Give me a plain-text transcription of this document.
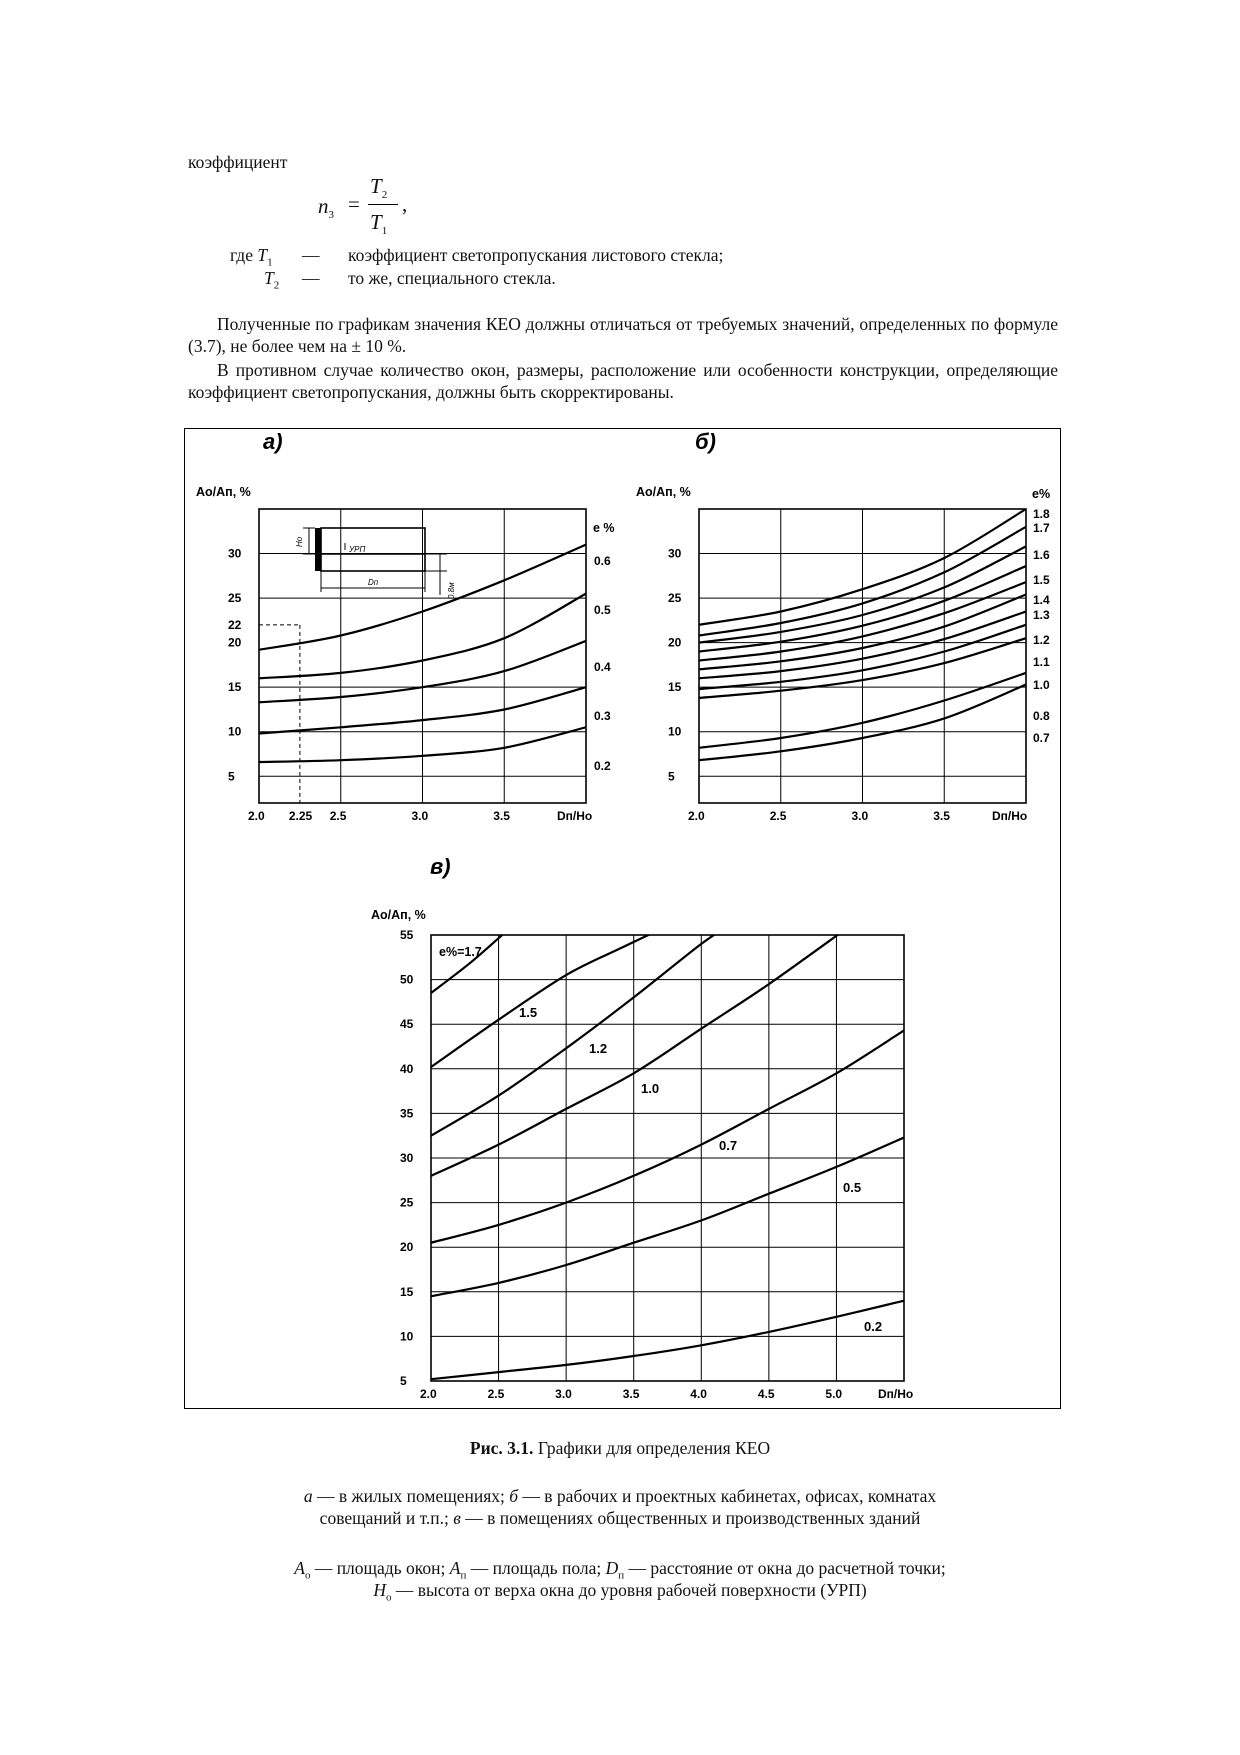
коэффициент
$n_3$ =
$T_2$
$T_1$
,
где $T_1$ — коэффициент светопропускания листового стекла;
$T_2$ — то же, специального стекла.
Полученные по графикам значения КЕО должны отличаться от требуемых значений, определенных по формуле (3.7), не более чем на ± 10 %.
В противном случае количество окон, размеры, расположение или особенности конструкции, определяющие коэффициент светопропускания, должны быть скорректированы.
а)	б)
в)
Ао/Ап, %
е %
Ао/Ап, %	е%
Ао/Ап, %
0.6
0.5
0.4
0.3
0.2
30
25
22
20
15
10
5
2.0 2.25 2.5	3.0	3.5	Dп/Но
1.8
1.7
1.6
1.5
1.4
1.3
1.2
1.1
1.0
0.8
0.7
30
25
20
15
10
5
2.0	2.5	3.0	3.5	Dп/Но
1.5
1.2
1.0
0.7
0.5
0.2
55
50
45
40
35
30
25
20
15
10
5
2.0	2.5	3.0	3.5	4.0	4.5	5.0	Dп/Но
е%=1.7
Но
УРП
Dп	0.8м
Рис. 3.1. Графики для определения КЕО
а — в жилых помещениях; б — в рабочих и проектных кабинетах, офисах, комнатах
совещаний и т.п.; в — в помещениях общественных и производственных зданий
$A_о$ — площадь окон; $A_п$ — площадь пола; $D_п$ — расстояние от окна до расчетной точки;
$H_о$ — высота от верха окна до уровня рабочей поверхности (УРП)
